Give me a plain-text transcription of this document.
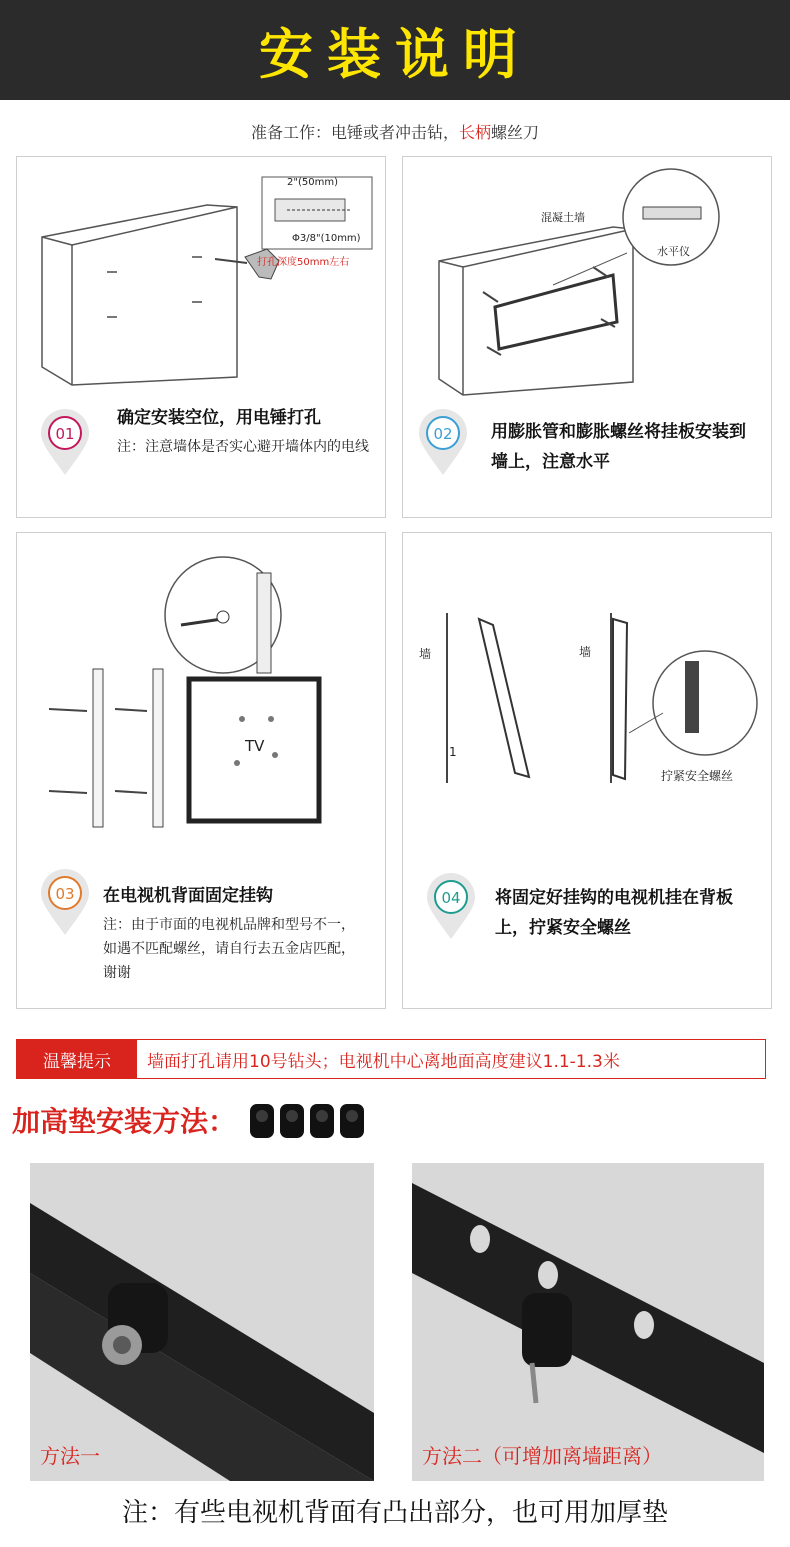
安装说明
准备工作：电锤或者冲击钻，长柄螺丝刀
2"(50mm)
Φ3/8"(10mm)
打孔深度50mm左右
01
确定安装空位，用电锤打孔
注：注意墙体是否实心避开墙体内的电线
混凝土墙
水平仪
02 用膨胀管和膨胀螺丝将挂板安装到墙上，注意水平
TV
03 在电视机背面固定挂钩
注：由于市面的电视机品牌和型号不一，如遇不匹配螺丝，请自行去五金店匹配，谢谢
墙	墙
1
拧紧安全螺丝
04 将固定好挂钩的电视机挂在背板上，拧紧安全螺丝
温馨提示	墙面打孔请用10号钻头；电视机中心离地面高度建议1.1-1.3米
加高垫安装方法：
方法一	方法二（可增加离墙距离）
注：有些电视机背面有凸出部分，也可用加厚垫
